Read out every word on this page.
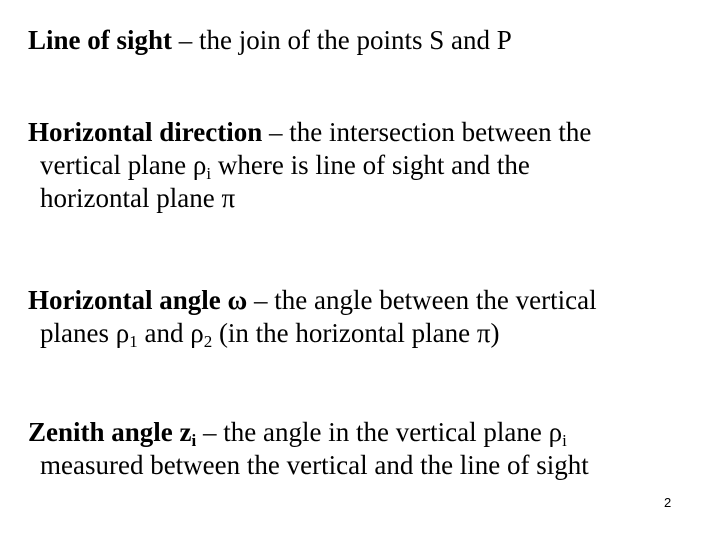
Line of sight – the join of the points S and P
Horizontal direction – the intersection between the
vertical plane $\rho_i$ where is line of sight and the
horizontal plane π
Horizontal angle ω – the angle between the vertical
planes $\rho_1$ and $\rho_2$ (in the horizontal plane π)
Zenith angle $z_i$ – the angle in the vertical plane $\rho_i$
measured between the vertical and the line of sight
2
